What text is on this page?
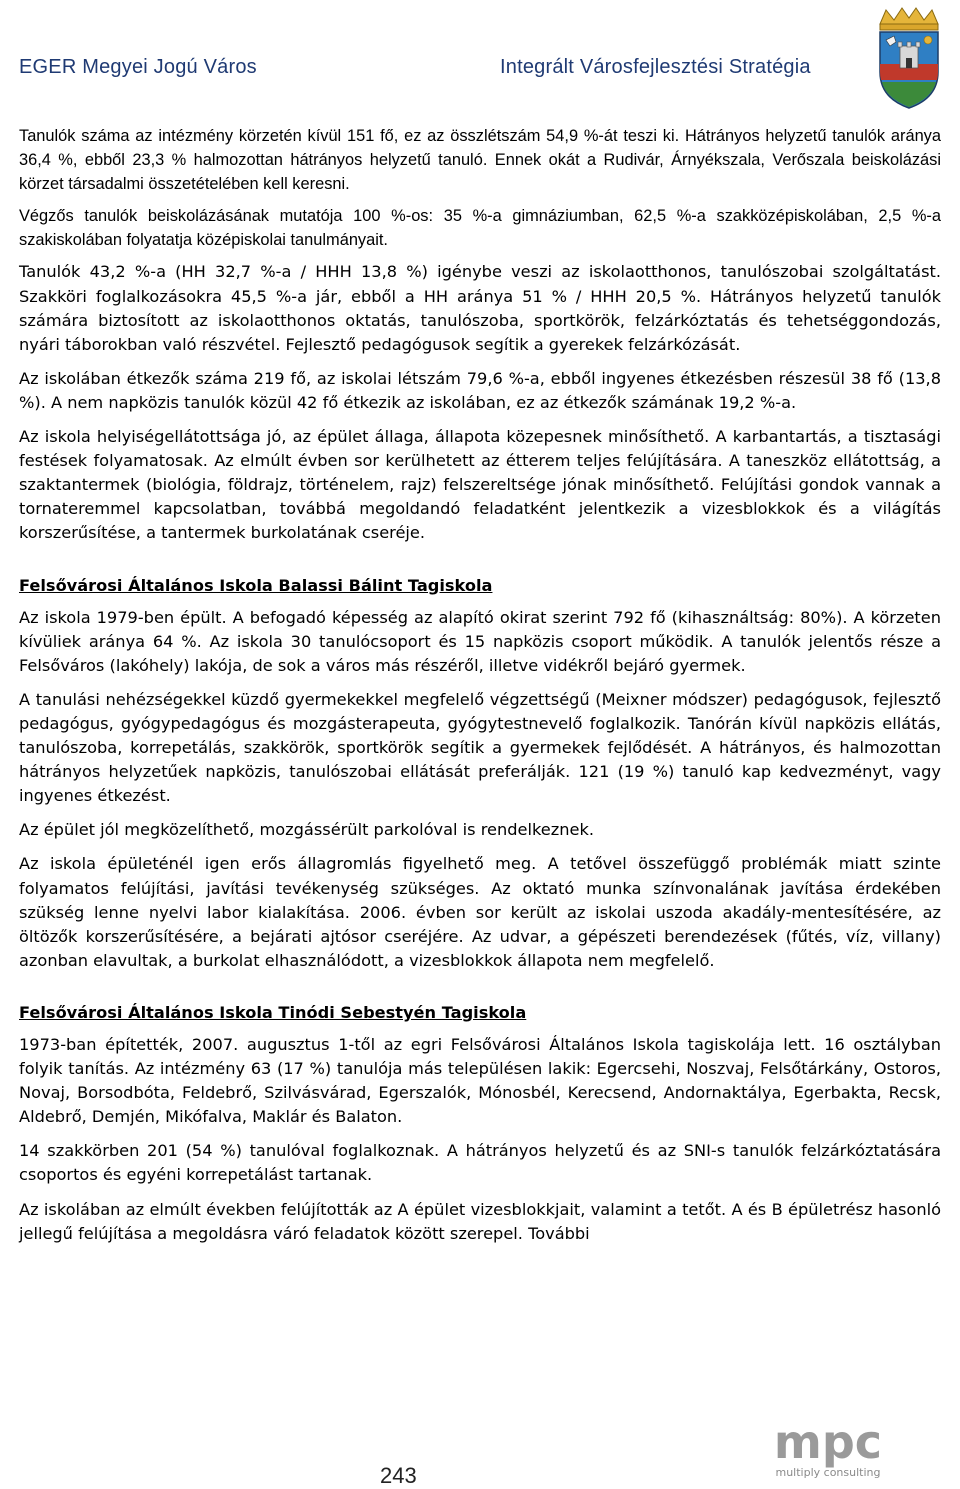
EGER Megyei Jogú Város	Integrált Városfejlesztési Stratégia

Tanulók száma az intézmény körzetén kívül 151 fő, ez az összlétszám 54,9 %-át teszi ki. Hátrányos helyzetű tanulók aránya 36,4 %, ebből 23,3 % halmozottan hátrányos helyzetű tanuló. Ennek okát a Rudivár, Árnyékszala, Verőszala beiskolázási körzet társadalmi összetételében kell keresni.

Végzős tanulók beiskolázásának mutatója 100 %-os: 35 %-a gimnáziumban, 62,5 %-a szakközépiskolában, 2,5 %-a szakiskolában folyatatja középiskolai tanulmányait.

Tanulók 43,2 %-a (HH 32,7 %-a / HHH 13,8 %) igénybe veszi az iskolaotthonos, tanulószobai szolgáltatást. Szakköri foglalkozásokra 45,5 %-a jár, ebből a HH aránya 51 % / HHH 20,5 %. Hátrányos helyzetű tanulók számára biztosított az iskolaotthonos oktatás, tanulószoba, sportkörök, felzárkóztatás és tehetséggondozás, nyári táborokban való részvétel. Fejlesztő pedagógusok segítik a gyerekek felzárkózását.

Az iskolában étkezők száma 219 fő, az iskolai létszám 79,6 %-a, ebből ingyenes étkezésben részesül 38 fő (13,8 %). A nem napközis tanulók közül 42 fő étkezik az iskolában, ez az étkezők számának 19,2 %-a.

Az iskola helyiségellátottsága jó, az épület állaga, állapota közepesnek minősíthető. A karbantartás, a tisztasági festések folyamatosak. Az elmúlt évben sor kerülhetett az étterem teljes felújítására. A taneszköz ellátottság, a szaktantermek (biológia, földrajz, történelem, rajz) felszereltsége jónak minősíthető. Felújítási gondok vannak a tornateremmel kapcsolatban, továbbá megoldandó feladatként jelentkezik a vizesblokkok és a világítás korszerűsítése, a tantermek burkolatának cseréje.

Felsővárosi Általános Iskola Balassi Bálint Tagiskola

Az iskola 1979-ben épült. A befogadó képesség az alapító okirat szerint 792 fő (kihasználtság: 80%). A körzeten kívüliek aránya 64 %. Az iskola 30 tanulócsoport és 15 napközis csoport működik. A tanulók jelentős része a Felsőváros (lakóhely) lakója, de sok a város más részéről, illetve vidékről bejáró gyermek.

A tanulási nehézségekkel küzdő gyermekekkel megfelelő végzettségű (Meixner módszer) pedagógusok, fejlesztő pedagógus, gyógypedagógus és mozgásterapeuta, gyógytestnevelő foglalkozik. Tanórán kívül napközis ellátás, tanulószoba, korrepetálás, szakkörök, sportkörök segítik a gyermekek fejlődését. A hátrányos, és halmozottan hátrányos helyzetűek napközis, tanulószobai ellátását preferálják. 121 (19 %) tanuló kap kedvezményt, vagy ingyenes étkezést.

Az épület jól megközelíthető, mozgássérült parkolóval is rendelkeznek.

Az iskola épületénél igen erős állagromlás figyelhető meg. A tetővel összefüggő problémák miatt szinte folyamatos felújítási, javítási tevékenység szükséges. Az oktató munka színvonalának javítása érdekében szükség lenne nyelvi labor kialakítása. 2006. évben sor került az iskolai uszoda akadály-mentesítésére, az öltözők korszerűsítésére, a bejárati ajtósor cseréjére. Az udvar, a gépészeti berendezések (fűtés, víz, villany) azonban elavultak, a burkolat elhasználódott, a vizesblokkok állapota nem megfelelő.

Felsővárosi Általános Iskola Tinódi Sebestyén Tagiskola

1973-ban építették, 2007. augusztus 1-től az egri Felsővárosi Általános Iskola tagiskolája lett. 16 osztályban folyik tanítás. Az intézmény 63 (17 %) tanulója más településen lakik: Egercsehi, Noszvaj, Felsőtárkány, Ostoros, Novaj, Borsodbóta, Feldebrő, Szilvásvárad, Egerszalók, Mónosbél, Kerecsend, Andornaktálya, Egerbakta, Recsk, Aldebrő, Demjén, Mikófalva, Maklár és Balaton.

14 szakkörben 201 (54 %) tanulóval foglalkoznak. A hátrányos helyzetű és az SNI-s tanulók felzárkóztatására csoportos és egyéni korrepetálást tartanak.

Az iskolában az elmúlt években felújították az A épület vizesblokkjait, valamint a tetőt. A és B épületrész hasonló jellegű felújítása a megoldásra váró feladatok között szerepel. További

243
mpc
multiply consulting
